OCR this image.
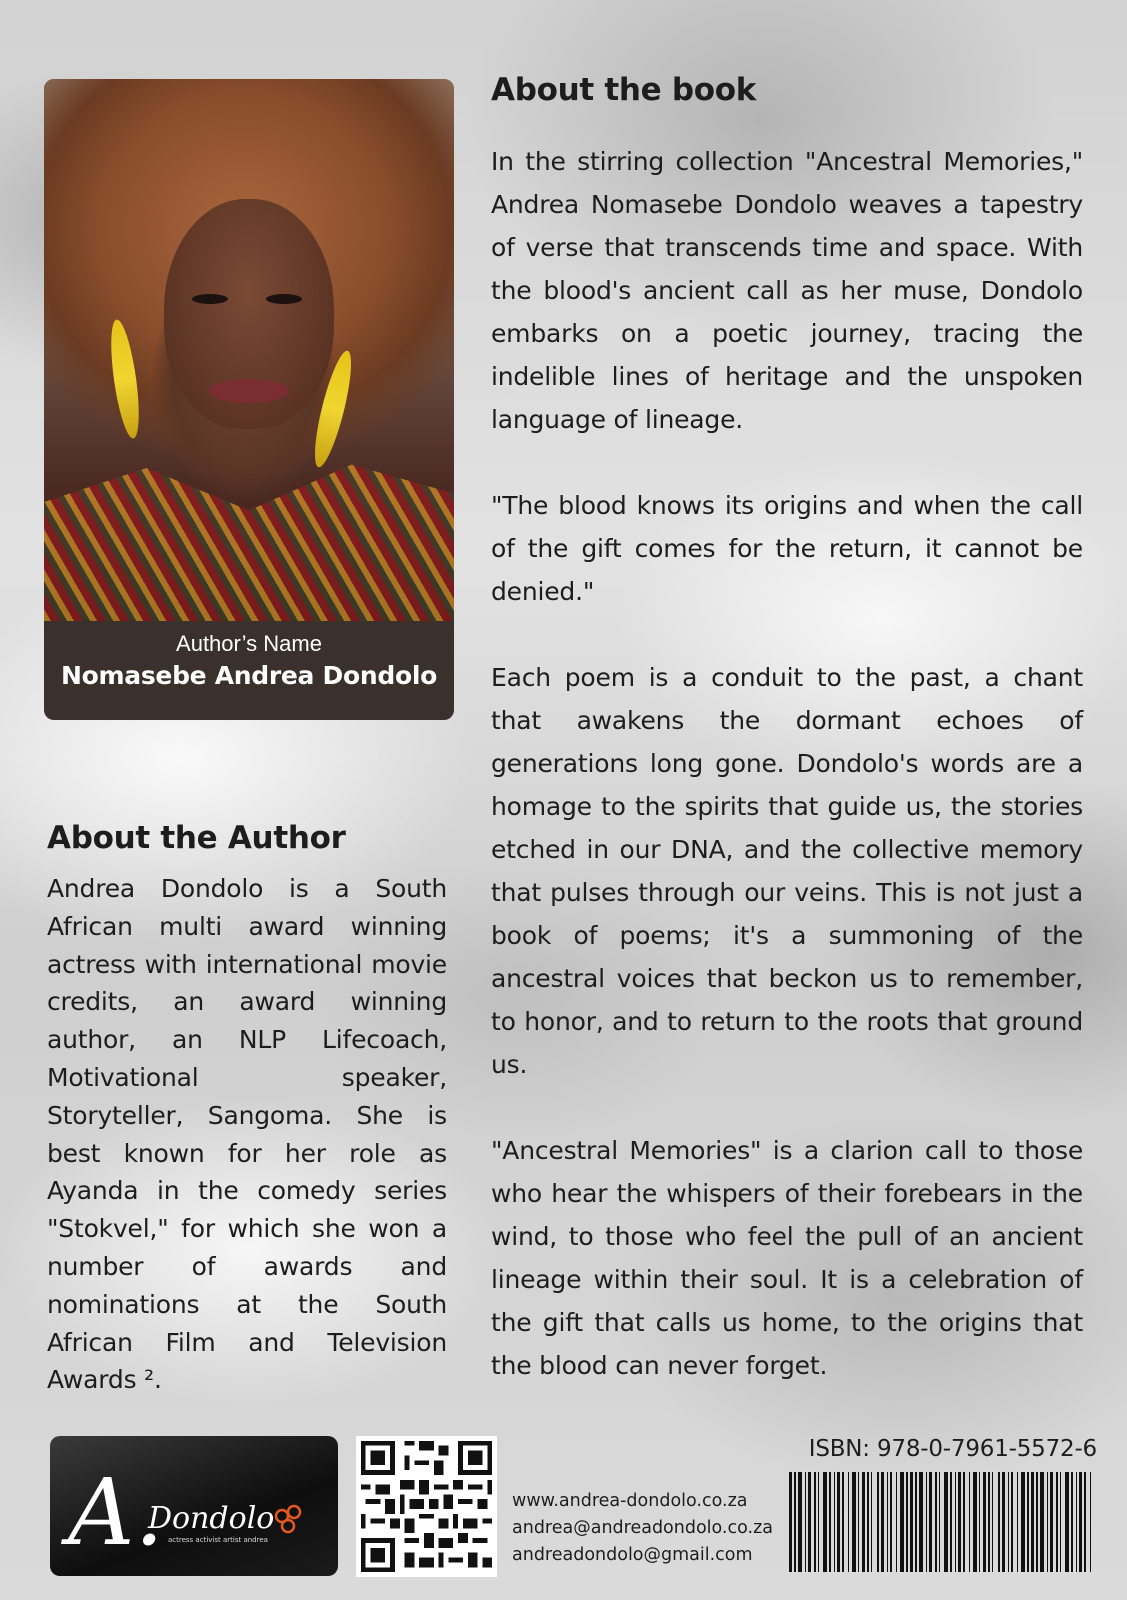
Author’s Name
Nomasebe Andrea Dondolo
About the book

In the stirring collection "Ancestral Memories," Andrea Nomasebe Dondolo weaves a tapestry of verse that transcends time and space. With the blood's ancient call as her muse, Dondolo embarks on a poetic journey, tracing the indelible lines of heritage and the unspoken language of lineage.

"The blood knows its origins and when the call of the gift comes for the return, it cannot be denied."

Each poem is a conduit to the past, a chant that awakens the dormant echoes of generations long gone. Dondolo's words are a homage to the spirits that guide us, the stories etched in our DNA, and the collective memory that pulses through our veins. This is not just a book of poems; it's a summoning of the ancestral voices that beckon us to remember, to honor, and to return to the roots that ground us.

"Ancestral Memories" is a clarion call to those who hear the whispers of their forebears in the wind, to those who feel the pull of an ancient lineage within their soul. It is a celebration of the gift that calls us home, to the origins that the blood can never forget.

About the Author

Andrea Dondolo is a South African multi award winning actress with international movie credits, an award winning author, an NLP Lifecoach, Motivational speaker, Storyteller, Sangoma. She is best known for her role as Ayanda in the comedy series "Stokvel," for which she won a number of awards and nominations at the South African Film and Television Awards ².

A.
Dondolo
actress activist artist andrea
www.andrea-dondolo.co.za
andrea@andreadondolo.co.za
andreadondolo@gmail.com
ISBN: 978-0-7961-5572-6
